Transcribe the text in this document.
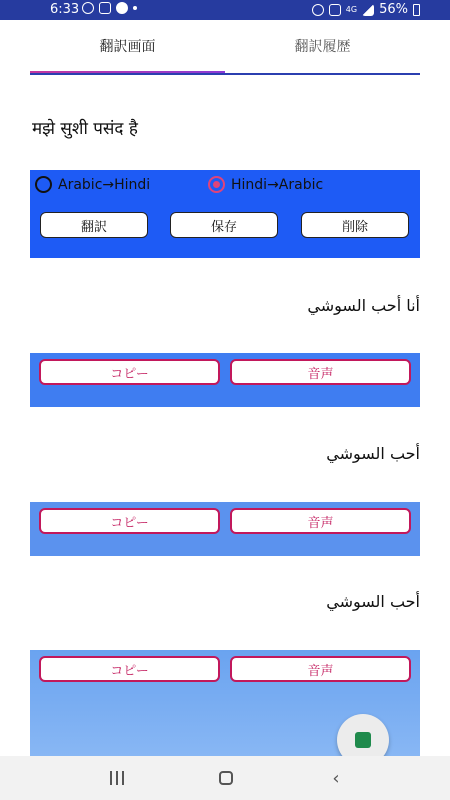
6:33	4G 56%
翻訳画面	翻訳履歴
मझे सुशी पसंद है
Arabic→Hindi	Hindi→Arabic
翻訳	保存	削除
أنا أحب السوشي
コピー	音声
أحب السوشي
コピー	音声
أحب السوشي
コピー	音声
‹
